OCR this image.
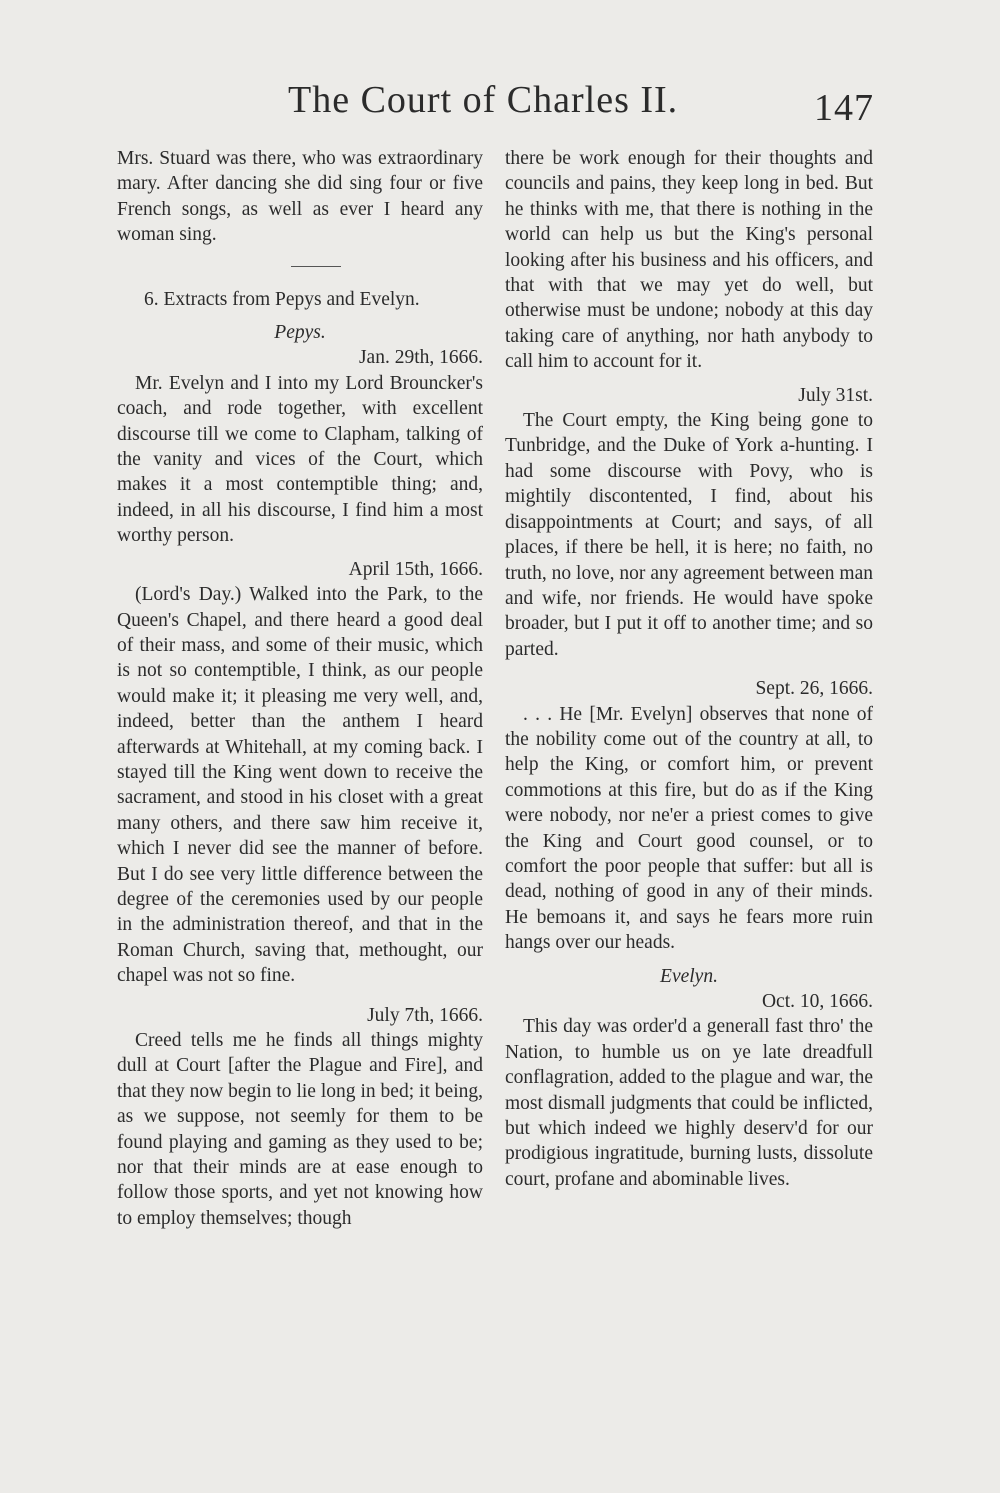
The Court of Charles II.	147

Mrs. Stuard was there, who was extraordinary mary. After dancing she did sing four or five French songs, as well as ever I heard any woman sing.

6. Extracts from Pepys and Evelyn.

Pepys.

Jan. 29th, 1666.

Mr. Evelyn and I into my Lord Brouncker's coach, and rode together, with excellent discourse till we come to Clapham, talking of the vanity and vices of the Court, which makes it a most contemptible thing; and, indeed, in all his discourse, I find him a most worthy person.

April 15th, 1666.

(Lord's Day.) Walked into the Park, to the Queen's Chapel, and there heard a good deal of their mass, and some of their music, which is not so contemptible, I think, as our people would make it; it pleasing me very well, and, indeed, better than the anthem I heard afterwards at Whitehall, at my coming back. I stayed till the King went down to receive the sacrament, and stood in his closet with a great many others, and there saw him receive it, which I never did see the manner of before. But I do see very little difference between the degree of the ceremonies used by our people in the administration thereof, and that in the Roman Church, saving that, methought, our chapel was not so fine.

July 7th, 1666.

Creed tells me he finds all things mighty dull at Court [after the Plague and Fire], and that they now begin to lie long in bed; it being, as we suppose, not seemly for them to be found playing and gaming as they used to be; nor that their minds are at ease enough to follow those sports, and yet not knowing how to employ themselves; though

there be work enough for their thoughts and councils and pains, they keep long in bed. But he thinks with me, that there is nothing in the world can help us but the King's personal looking after his business and his officers, and that with that we may yet do well, but otherwise must be undone; nobody at this day taking care of anything, nor hath anybody to call him to account for it.

July 31st.

The Court empty, the King being gone to Tunbridge, and the Duke of York a-hunting. I had some discourse with Povy, who is mightily discontented, I find, about his disappointments at Court; and says, of all places, if there be hell, it is here; no faith, no truth, no love, nor any agreement between man and wife, nor friends. He would have spoke broader, but I put it off to another time; and so parted.

Sept. 26, 1666.

. . . He [Mr. Evelyn] observes that none of the nobility come out of the country at all, to help the King, or comfort him, or prevent commotions at this fire, but do as if the King were nobody, nor ne'er a priest comes to give the King and Court good counsel, or to comfort the poor people that suffer: but all is dead, nothing of good in any of their minds. He bemoans it, and says he fears more ruin hangs over our heads.

Evelyn.

Oct. 10, 1666.

This day was order'd a generall fast thro' the Nation, to humble us on ye late dreadfull conflagration, added to the plague and war, the most dismall judgments that could be inflicted, but which indeed we highly deserv'd for our prodigious ingratitude, burning lusts, dissolute court, profane and abominable lives.
